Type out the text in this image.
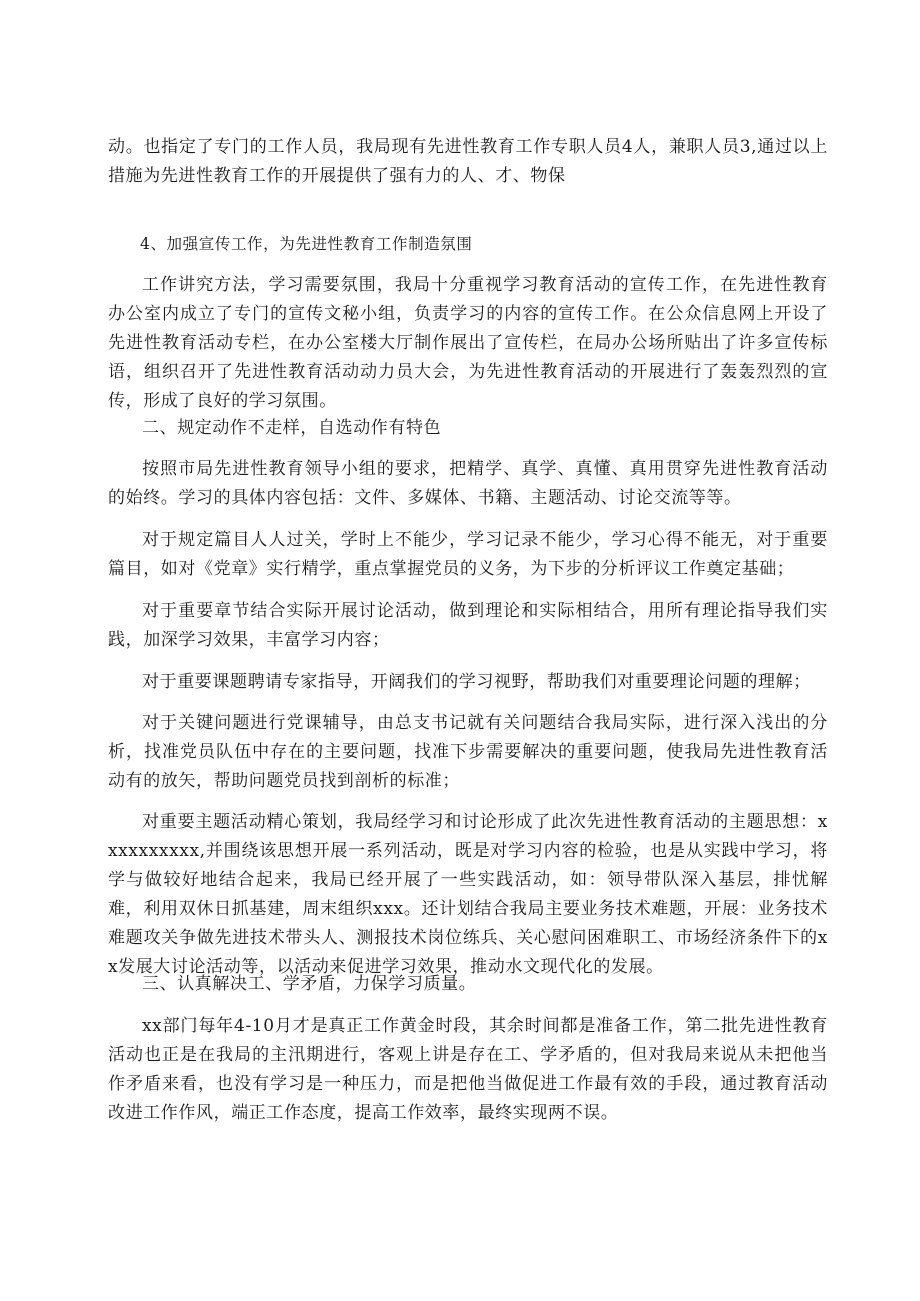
动。也指定了专门的工作人员，我局现有先进性教育工作专职人员4人，兼职人员3,通过以上措施为先进性教育工作的开展提供了强有力的人、才、物保

4、加强宣传工作，为先进性教育工作制造氛围

工作讲究方法，学习需要氛围，我局十分重视学习教育活动的宣传工作，在先进性教育办公室内成立了专门的宣传文秘小组，负责学习的内容的宣传工作。在公众信息网上开设了先进性教育活动专栏，在办公室楼大厅制作展出了宣传栏，在局办公场所贴出了许多宣传标语，组织召开了先进性教育活动动力员大会，为先进性教育活动的开展进行了轰轰烈烈的宣传，形成了良好的学习氛围。

二、规定动作不走样，自选动作有特色

按照市局先进性教育领导小组的要求，把精学、真学、真懂、真用贯穿先进性教育活动的始终。学习的具体内容包括：文件、多媒体、书籍、主题活动、讨论交流等等。

对于规定篇目人人过关，学时上不能少，学习记录不能少，学习心得不能无，对于重要篇目，如对《党章》实行精学，重点掌握党员的义务，为下步的分析评议工作奠定基础；

对于重要章节结合实际开展讨论活动，做到理论和实际相结合，用所有理论指导我们实践，加深学习效果，丰富学习内容；

对于重要课题聘请专家指导，开阔我们的学习视野，帮助我们对重要理论问题的理解；

对于关键问题进行党课辅导，由总支书记就有关问题结合我局实际，进行深入浅出的分析，找准党员队伍中存在的主要问题，找准下步需要解决的重要问题，使我局先进性教育活动有的放矢，帮助问题党员找到剖析的标准；

对重要主题活动精心策划，我局经学习和讨论形成了此次先进性教育活动的主题思想：xxxxxxxxxx,并围绕该思想开展一系列活动，既是对学习内容的检验，也是从实践中学习，将学与做较好地结合起来，我局已经开展了一些实践活动，如：领导带队深入基层，排忧解难，利用双休日抓基建，周末组织xxx。还计划结合我局主要业务技术难题，开展：业务技术难题攻关争做先进技术带头人、测报技术岗位练兵、关心慰问困难职工、市场经济条件下的xx发展大讨论活动等，以活动来促进学习效果，推动水文现代化的发展。

三、认真解决工、学矛盾，力保学习质量。

xx部门每年4-10月才是真正工作黄金时段，其余时间都是准备工作，第二批先进性教育活动也正是在我局的主汛期进行，客观上讲是存在工、学矛盾的，但对我局来说从未把他当作矛盾来看，也没有学习是一种压力，而是把他当做促进工作最有效的手段，通过教育活动改进工作作风，端正工作态度，提高工作效率，最终实现两不误。
